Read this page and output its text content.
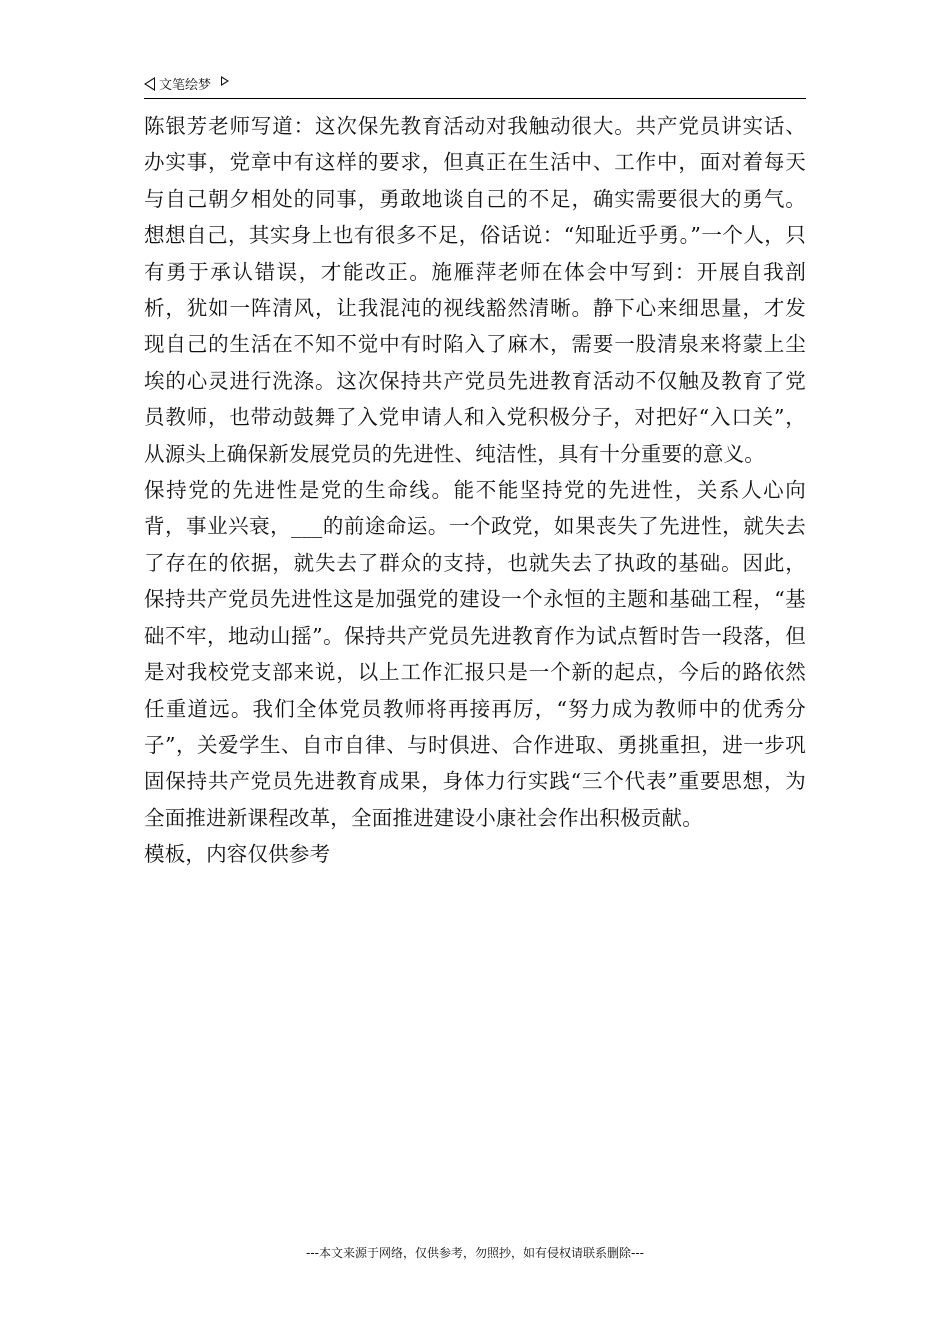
文笔绘梦

陈银芳老师写道：这次保先教育活动对我触动很大。共产党员讲实话、办实事，党章中有这样的要求，但真正在生活中、工作中，面对着每天与自己朝夕相处的同事，勇敢地谈自己的不足，确实需要很大的勇气。想想自己，其实身上也有很多不足，俗话说：“知耻近乎勇。”一个人，只有勇于承认错误，才能改正。施雁萍老师在体会中写到：开展自我剖析，犹如一阵清风，让我混沌的视线豁然清晰。静下心来细思量，才发现自己的生活在不知不觉中有时陷入了麻木，需要一股清泉来将蒙上尘埃的心灵进行洗涤。这次保持共产党员先进教育活动不仅触及教育了党员教师，也带动鼓舞了入党申请人和入党积极分子，对把好“入口关”，从源头上确保新发展党员的先进性、纯洁性，具有十分重要的意义。

保持党的先进性是党的生命线。能不能坚持党的先进性，关系人心向背，事业兴衰，___的前途命运。一个政党，如果丧失了先进性，就失去了存在的依据，就失去了群众的支持，也就失去了执政的基础。因此，保持共产党员先进性这是加强党的建设一个永恒的主题和基础工程，“基础不牢，地动山摇”。保持共产党员先进教育作为试点暂时告一段落，但是对我校党支部来说，以上工作汇报只是一个新的起点，今后的路依然任重道远。我们全体党员教师将再接再厉，“努力成为教师中的优秀分子”，关爱学生、自市自律、与时俱进、合作进取、勇挑重担，进一步巩固保持共产党员先进教育成果，身体力行实践“三个代表”重要思想，为全面推进新课程改革，全面推进建设小康社会作出积极贡献。

模板，内容仅供参考

---本文来源于网络，仅供参考，勿照抄，如有侵权请联系删除---
